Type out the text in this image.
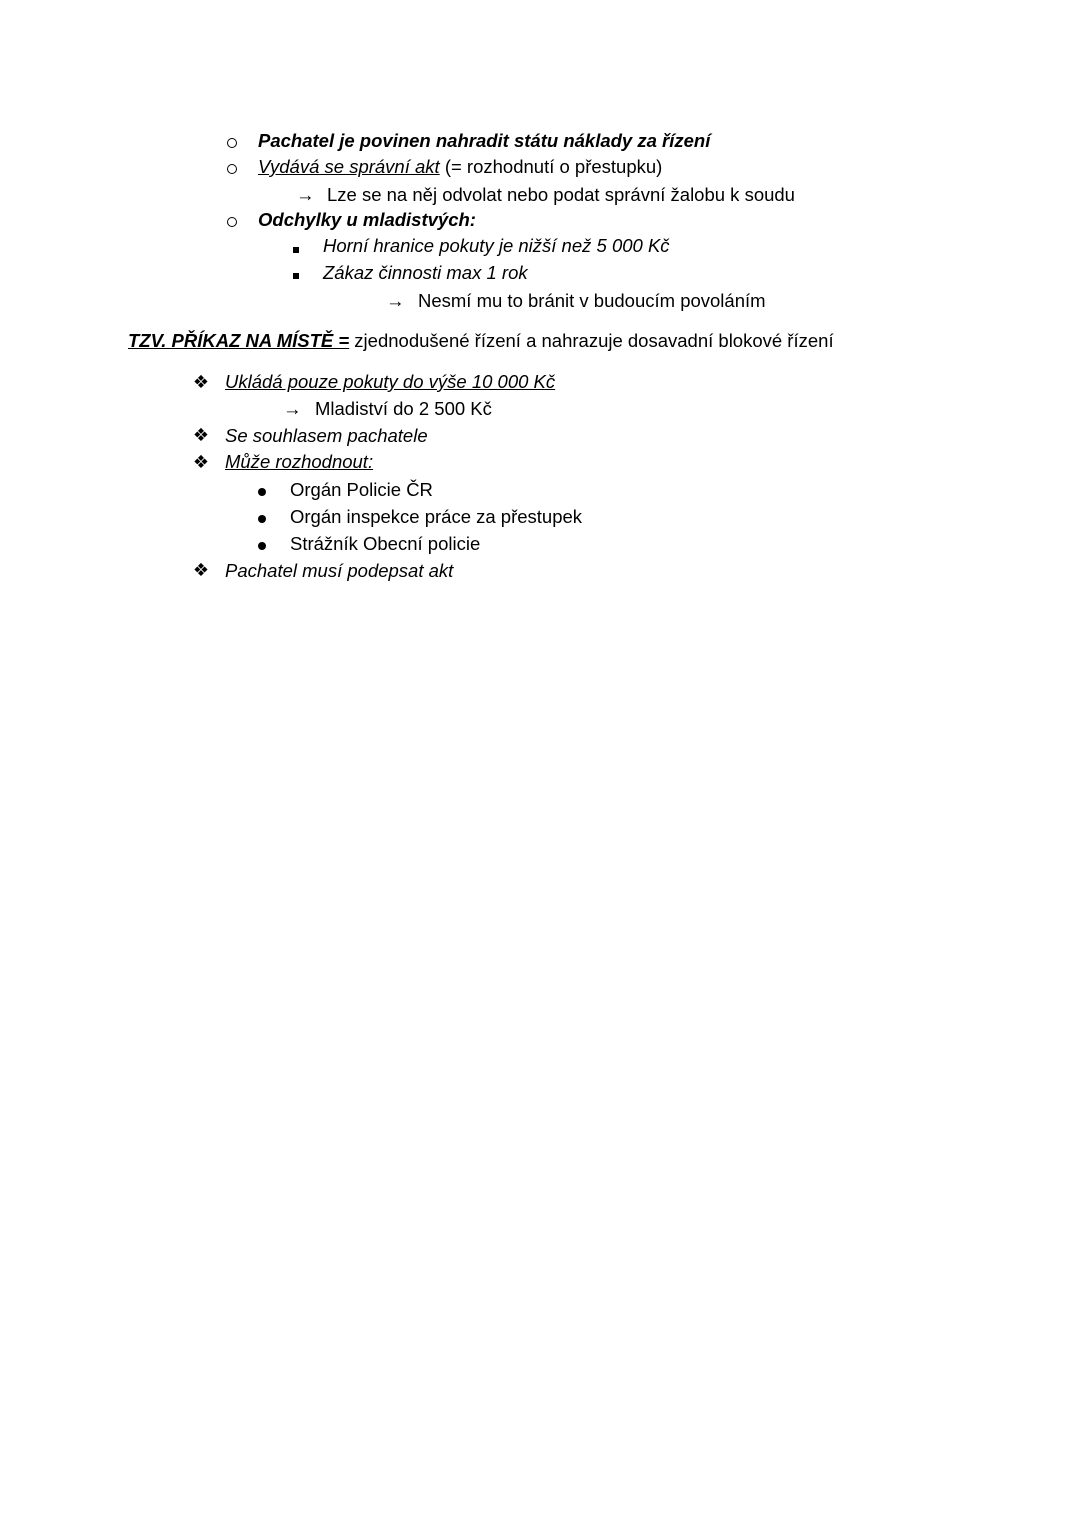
Pachatel je povinen nahradit státu náklady za řízení
Vydává se správní akt (= rozhodnutí o přestupku)
→ Lze se na něj odvolat nebo podat správní žalobu k soudu
Odchylky u mladistvých:
Horní hranice pokuty je nižší než 5 000 Kč
Zákaz činnosti max 1 rok
→ Nesmí mu to bránit v budoucím povoláním
TZV. PŘÍKAZ NA MÍSTĚ = zjednodušené řízení a nahrazuje dosavadní blokové řízení
❖ Ukládá pouze pokuty do výše 10 000 Kč
→ Mladiství do 2 500 Kč
❖ Se souhlasem pachatele
❖ Může rozhodnout:
Orgán Policie ČR
Orgán inspekce práce za přestupek
Strážník Obecní policie
❖ Pachatel musí podepsat akt
